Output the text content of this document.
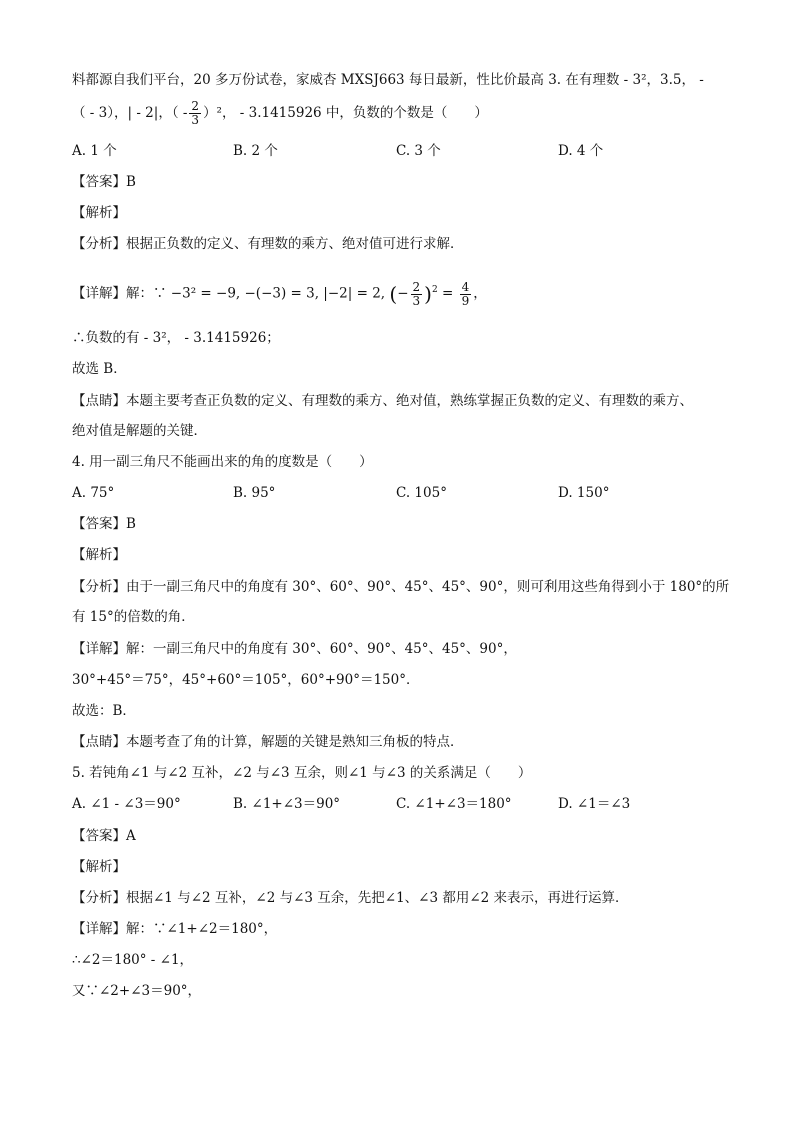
料都源自我们平台，20 多万份试卷，家威杏 MXSJ663 每日最新，性比价最高 3. 在有理数 - 3²，3.5， -
（ - 3），| - 2|，（ - $\frac{2}{3} )^2$， - 3.1415926 中，负数的个数是（　　）
A. 1 个	B. 2 个	C. 3 个	D. 4 个
【答案】B
【解析】
【分析】根据正负数的定义、有理数的乘方、绝对值可进行求解．
【详解】解：∵ −3² = −9, −(−3) = 3, |−2| = 2, (− $\frac{2}{3} )^2 = \frac{4}{9}$ ，
∴负数的有 - 3²， - 3.1415926；
故选 B．
【点睛】本题主要考查正负数的定义、有理数的乘方、绝对值，熟练掌握正负数的定义、有理数的乘方、
绝对值是解题的关键．
4. 用一副三角尺不能画出来的角的度数是（　　）
A. 75°	B. 95°	C. 105°	D. 150°
【答案】B
【解析】
【分析】由于一副三角尺中的角度有 30°、60°、90°、45°、45°、90°，则可利用这些角得到小于 180°的所
有 15°的倍数的角．
【详解】解：一副三角尺中的角度有 30°、60°、90°、45°、45°、90°，
30°+45°＝75°，45°+60°＝105°，60°+90°＝150°．
故选：B．
【点睛】本题考查了角的计算，解题的关键是熟知三角板的特点．
5. 若钝角∠1 与∠2 互补，∠2 与∠3 互余，则∠1 与∠3 的关系满足（　　）
A. ∠1 - ∠3＝90°	B. ∠1+∠3＝90°	C. ∠1+∠3＝180°	D. ∠1＝∠3
【答案】A
【解析】
【分析】根据∠1 与∠2 互补，∠2 与∠3 互余，先把∠1、∠3 都用∠2 来表示，再进行运算．
【详解】解：∵∠1+∠2＝180°，
∴∠2＝180° - ∠1，
又∵∠2+∠3＝90°，
